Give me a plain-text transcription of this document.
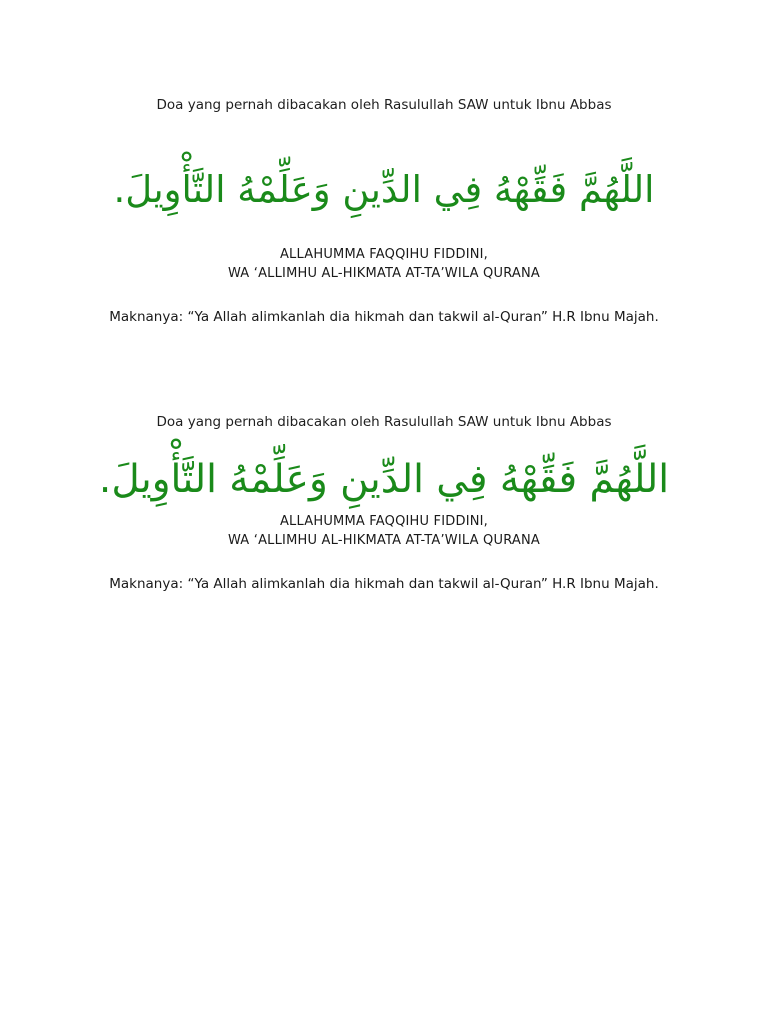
Doa yang pernah dibacakan oleh Rasulullah SAW untuk Ibnu Abbas
اللَّهُمَّ فَقِّهْهُ فِي الدِّينِ وَعَلِّمْهُ التَّأْوِيلَ.
ALLAHUMMA FAQQIHU FIDDINI,
WA ‘ALLIMHU AL-HIKMATA AT-TA’WILA QURANA
Maknanya: “Ya Allah alimkanlah dia hikmah dan takwil al-Quran” H.R Ibnu Majah.
Doa yang pernah dibacakan oleh Rasulullah SAW untuk Ibnu Abbas
اللَّهُمَّ فَقِّهْهُ فِي الدِّينِ وَعَلِّمْهُ التَّأْوِيلَ.
ALLAHUMMA FAQQIHU FIDDINI,
WA ‘ALLIMHU AL-HIKMATA AT-TA’WILA QURANA
Maknanya: “Ya Allah alimkanlah dia hikmah dan takwil al-Quran” H.R Ibnu Majah.
